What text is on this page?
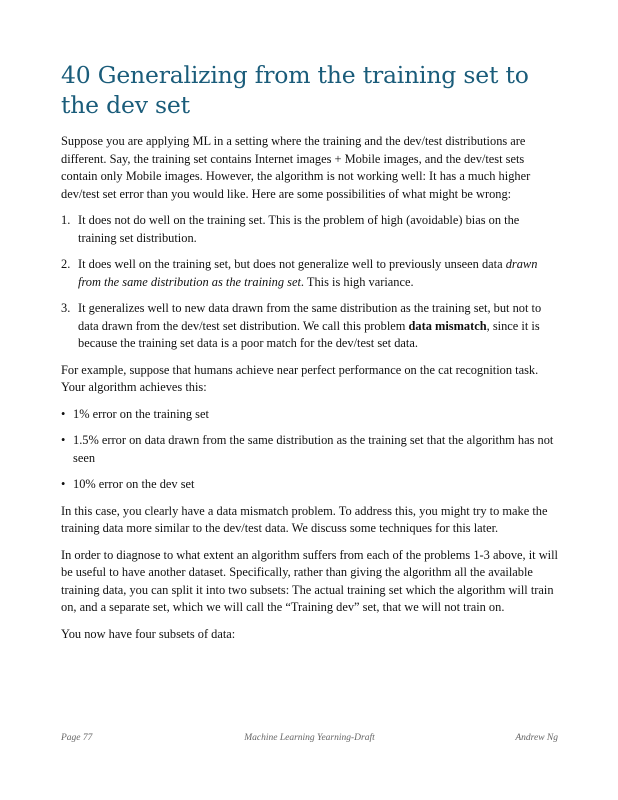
40 Generalizing from the training set to the dev set

Suppose you are applying ML in a setting where the training and the dev/test distributions are different. Say, the training set contains Internet images + Mobile images, and the dev/test sets contain only Mobile images. However, the algorithm is not working well: It has a much higher dev/test set error than you would like. Here are some possibilities of what might be wrong:

1. It does not do well on the training set. This is the problem of high (avoidable) bias on the training set distribution.
2. It does well on the training set, but does not generalize well to previously unseen data drawn from the same distribution as the training set. This is high variance.
3. It generalizes well to new data drawn from the same distribution as the training set, but not to data drawn from the dev/test set distribution. We call this problem data mismatch, since it is because the training set data is a poor match for the dev/test set data.

For example, suppose that humans achieve near perfect performance on the cat recognition task. Your algorithm achieves this:

• 1% error on the training set
• 1.5% error on data drawn from the same distribution as the training set that the algorithm has not seen
• 10% error on the dev set

In this case, you clearly have a data mismatch problem. To address this, you might try to make the training data more similar to the dev/test data. We discuss some techniques for this later.

In order to diagnose to what extent an algorithm suffers from each of the problems 1-3 above, it will be useful to have another dataset. Specifically, rather than giving the algorithm all the available training data, you can split it into two subsets: The actual training set which the algorithm will train on, and a separate set, which we will call the “Training dev” set, that we will not train on.

You now have four subsets of data:

Page 77	Machine Learning Yearning-Draft	Andrew Ng
